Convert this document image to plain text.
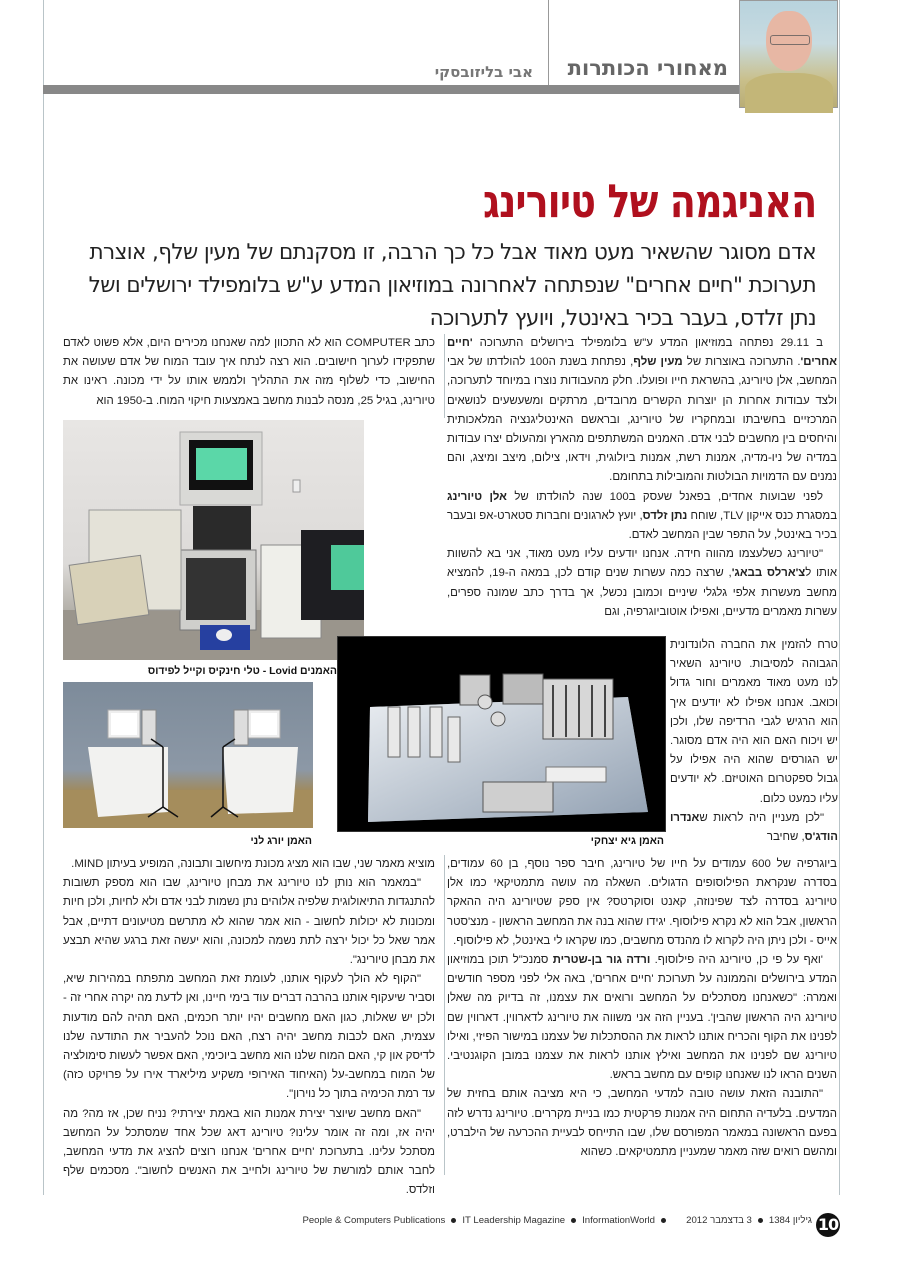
מאחורי הכותרות
אבי בליזובסקי
האניגמה של טיורינג
אדם מסוגר שהשאיר מעט מאוד אבל כל כך הרבה, זו מסקנתם של מעין שלף, אוצרת תערוכת "חיים אחרים" שנפתחה לאחרונה במוזיאון המדע ע"ש בלומפילד ירושלים ושל נתן זלדס, בעבר בכיר באינטל, ויועץ לתערוכה

ב 29.11 נפתחה במוזיאון המדע ע"ש בלומפילד בירושלים התערוכה 'חיים אחרים'. התערוכה באוצרות של מעין שלף, נפתחת בשנת ה100 להולדתו של אבי המחשב, אלן טיורינג, בהשראת חייו ופועלו. חלק מהעבודות נוצרו במיוחד לתערוכה, ולצד עבודות אחרות הן יוצרות הקשרים מרובדים, מרתקים ומשעשעים לנושאים המרכזיים בחשיבתו ובמחקריו של טיורינג, ובראשם האינטליגנציה המלאכותית והיחסים בין מחשבים לבני אדם. האמנים המשתתפים מהארץ ומהעולם יצרו עבודות במדיה של ניו-מדיה, אמנות רשת, אמנות ביולוגית, וידאו, צילום, מיצב ומיצג, והם נמנים עם הדמויות הבולטות והמובילות בתחומם.

לפני שבועות אחדים, בפאנל שעסק ב100 שנה להולדתו של אלן טיורינג במסגרת כנס אייקון TLV, שוחח נתן זלדס, יועץ לארגונים וחברות סטארט-אפ ובעבר בכיר באינטל, על התפר שבין המחשב לאדם.

"טיורינג כשלעצמו מהווה חידה. אנחנו יודעים עליו מעט מאוד, אני בא להשוות אותו לצ'ארלס בבאג', שרצה כמה עשרות שנים קודם לכן, במאה ה-19, להמציא מחשב מעשרות אלפי גלגלי שיניים וכמובן נכשל, אך בדרך כתב שמונה ספרים, עשרות מאמרים מדעיים, ואפילו אוטוביוגרפיה, וגם

טרח להזמין את החברה הלונדונית הגבוהה למסיבות. טיורינג השאיר לנו מעט מאוד מאמרים וחור גדול וכואב. אנחנו אפילו לא יודעים איך הוא הרגיש לגבי הרדיפה שלו, ולכן יש ויכוח האם הוא היה אדם מסוגר. יש הגורסים שהוא היה אפילו על גבול ספקטרום האוטיזם. לא יודעים עליו כמעט כלום.

"לכן מעניין היה לראות שאנדרו הודג'ס, שחיבר

ביוגרפיה של 600 עמודים על חייו של טיורינג, חיבר ספר נוסף, בן 60 עמודים, בסדרה שנקראת הפילוסופים הדגולים. השאלה מה עושה מתמטיקאי כמו אלן טיורינג בסדרה לצד שפינוזה, קאנט וסוקרטס? אין ספק שטיורינג היה ההאקר הראשון, אבל הוא לא נקרא פילוסוף. יגידו שהוא בנה את המחשב הראשון - מנצ'סטר אייס - ולכן ניתן היה לקרוא לו מהנדס מחשבים, כמו שקראו לי באינטל, לא פילוסוף.

'ואף על פי כן, טיורינג היה פילוסוף. ורדה גור בן-שטרית סמנכ"ל תוכן במוזיאון המדע בירושלים והממונה על תערוכת 'חיים אחרים', באה אלי לפני מספר חודשים ואמרה: "כשאנחנו מסתכלים על המחשב ורואים את עצמנו, זה בדיוק מה שאלן טיורינג היה הראשון שהבין'. בעניין הזה אני משווה את טיורינג לדארווין. דארווין שם לפנינו את הקוף והכריח אותנו לראות את ההסתכלות של עצמנו במישור הפיזי, ואילו טיורינג שם לפנינו את המחשב ואילץ אותנו לראות את עצמנו במובן הקוגנטיבי. השנים הראו לנו שאנחנו קופים עם מחשב בראש.

"התובנה הזאת עושה טובה למדעי המחשב, כי היא מציבה אותם בחזית של המדעים. בלעדיה התחום היה אמנות פרקטית כמו בניית מקררים. טיורינג נדרש לזה בפעם הראשונה במאמר המפורסם שלו, שבו התייחס לבעיית ההכרעה של הילברט, ומהשם רואים שזה מאמר שמעניין מתמטיקאים. כשהוא

כתב COMPUTER הוא לא התכוון למה שאנחנו מכירים היום, אלא פשוט לאדם שתפקידו לערוך חישובים. הוא רצה לנתח איך עובד המוח של אדם שעושה את החישוב, כדי לשלוף מזה את התהליך ולממש אותו על ידי מכונה. ראינו את טיורינג, בגיל 25, מנסה לבנות מחשב באמצעות חיקוי המוח. ב-1950 הוא

האמנים Lovid - טלי חינקיס וקייל לפידוס
האמן גיא יצחקי
האמן יורג לני

מוציא מאמר שני, שבו הוא מציג מכונת מיחשוב ותבונה, המופיע בעיתון MIND.

"במאמר הוא נותן לנו טיורינג את מבחן טיורינג, שבו הוא מספק תשובות להתנגדות התיאולוגית שלפיה אלוהים נתן נשמות לבני אדם ולא לחיות, ולכן חיות ומכונות לא יכולות לחשוב - הוא אמר שהוא לא מתרשם מטיעונים דתיים, אבל אמר שאל כל יכול ירצה לתת נשמה למכונה, והוא יעשה זאת ברגע שהיא תבצע את מבחן טיורינג".

"הקוף לא הולך לעקוף אותנו, לעומת זאת המחשב מתפתח במהירות שיא, וסביר שיעקוף אותנו בהרבה דברים עוד בימי חיינו, ואן לדעת מה יקרה אחרי זה - ולכן יש שאלות, כגון האם מחשבים יהיו יותר חכמים, האם תהיה להם מודעות עצמית, האם לכבות מחשב יהיה רצח, האם נוכל להעביר את התודעה שלנו לדיסק און קי, האם המוח שלנו הוא מחשב ביוכימי, האם אפשר לעשות סימולציה של המוח במחשב-על (האיחוד האירופי משקיע מיליארד אירו על פרויקט כזה) עד רמת הכימיה בתוך כל נוירון".

"האם מחשב שיוצר יצירת אמנות הוא באמת יצירתי? נניח שכן, אז מה? מה יהיה אז, ומה זה אומר עלינו? טיורינג דאג שכל אחד שמסתכל על המחשב מסתכל עלינו. בתערוכת 'חיים אחרים' אנחנו רוצים להציג את מדעי המחשב, לחבר אותם למורשת של טיורינג ולחייב את האנשים לחשוב". מסכמים שלף וזלדס.

People & Computers Publications IT Leadership Magazine InformationWorld	גיליון 13843 בדצמבר 2012	10
